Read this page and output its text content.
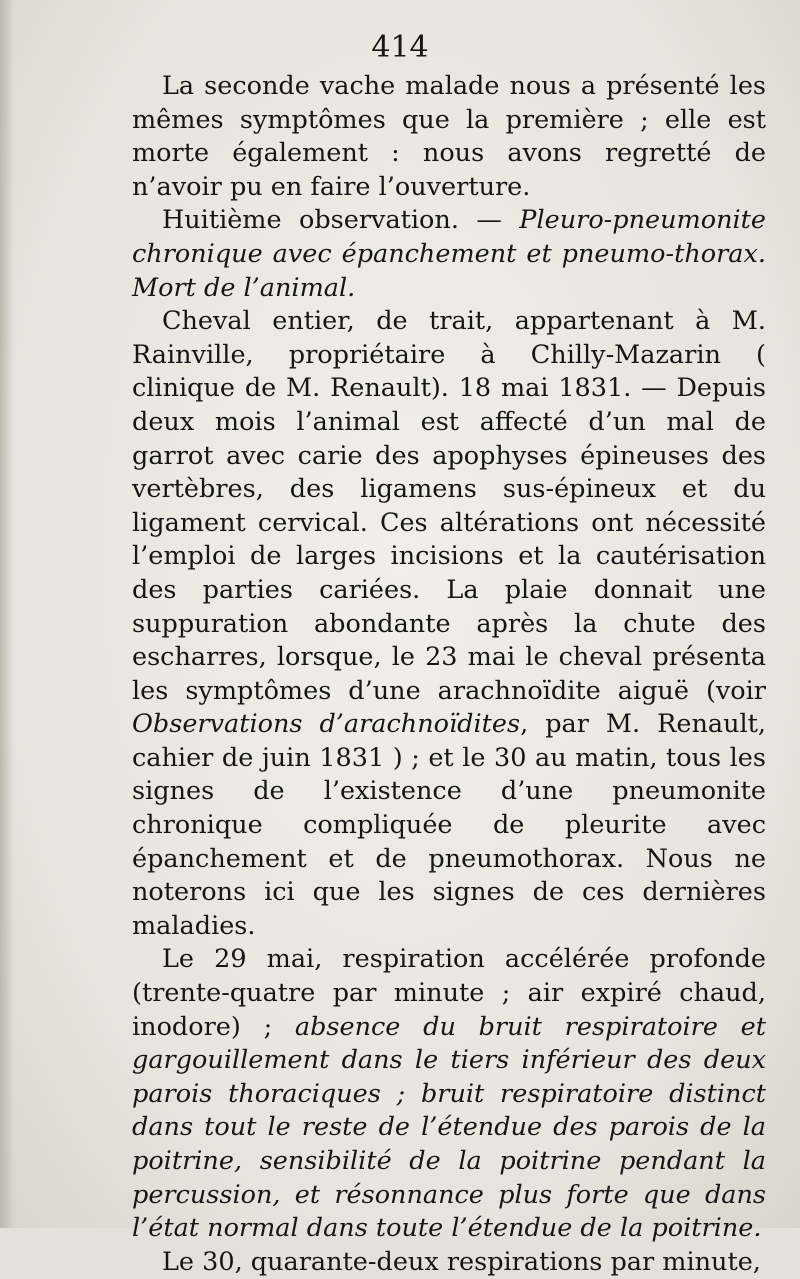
414

La seconde vache malade nous a présenté les mêmes symptômes que la première ; elle est morte également : nous avons regretté de n’avoir pu en faire l’ouverture.

Huitième observation. — Pleuro-pneumonite chronique avec épanchement et pneumo-thorax. Mort de l’animal.

Cheval entier, de trait, appartenant à M. Rainville, propriétaire à Chilly-Mazarin ( clinique de M. Renault). 18 mai 1831. — Depuis deux mois l’animal est affecté d’un mal de garrot avec carie des apophyses épineuses des vertèbres, des ligamens sus-épineux et du ligament cervical. Ces altérations ont nécessité l’emploi de larges incisions et la cautérisation des parties cariées. La plaie donnait une suppuration abondante après la chute des escharres, lorsque, le 23 mai le cheval présenta les symptômes d’une arachnoïdite aiguë (voir Observations d’arachnoïdites, par M. Renault, cahier de juin 1831 ) ; et le 30 au matin, tous les signes de l’existence d’une pneumonite chronique compliquée de pleurite avec épanchement et de pneumothorax. Nous ne noterons ici que les signes de ces dernières maladies.

Le 29 mai, respiration accélérée profonde (trente-quatre par minute ; air expiré chaud, inodore) ; absence du bruit respiratoire et gargouillement dans le tiers inférieur des deux parois thoraciques ; bruit respiratoire distinct dans tout le reste de l’étendue des parois de la poitrine, sensibilité de la poitrine pendant la percussion, et résonnance plus forte que dans l’état normal dans toute l’étendue de la poitrine.

Le 30, quarante-deux respirations par minute,
